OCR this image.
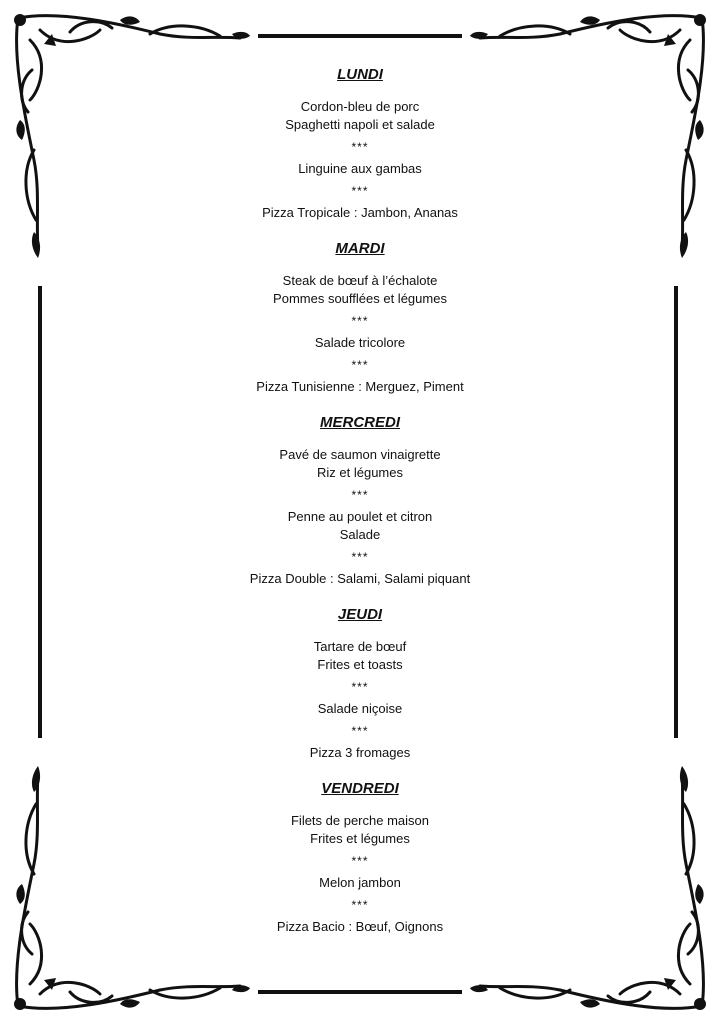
LUNDI
Cordon-bleu de porc
Spaghetti napoli et salade
***
Linguine aux gambas
***
Pizza Tropicale : Jambon, Ananas
MARDI
Steak de bœuf à l’échalote
Pommes soufflées et légumes
***
Salade tricolore
***
Pizza Tunisienne : Merguez, Piment
MERCREDI
Pavé de saumon vinaigrette
Riz et légumes
***
Penne au poulet et citron
Salade
***
Pizza Double : Salami, Salami piquant
JEUDI
Tartare de bœuf
Frites et toasts
***
Salade niçoise
***
Pizza 3 fromages
VENDREDI
Filets de perche maison
Frites et légumes
***
Melon jambon
***
Pizza Bacio : Bœuf, Oignons
